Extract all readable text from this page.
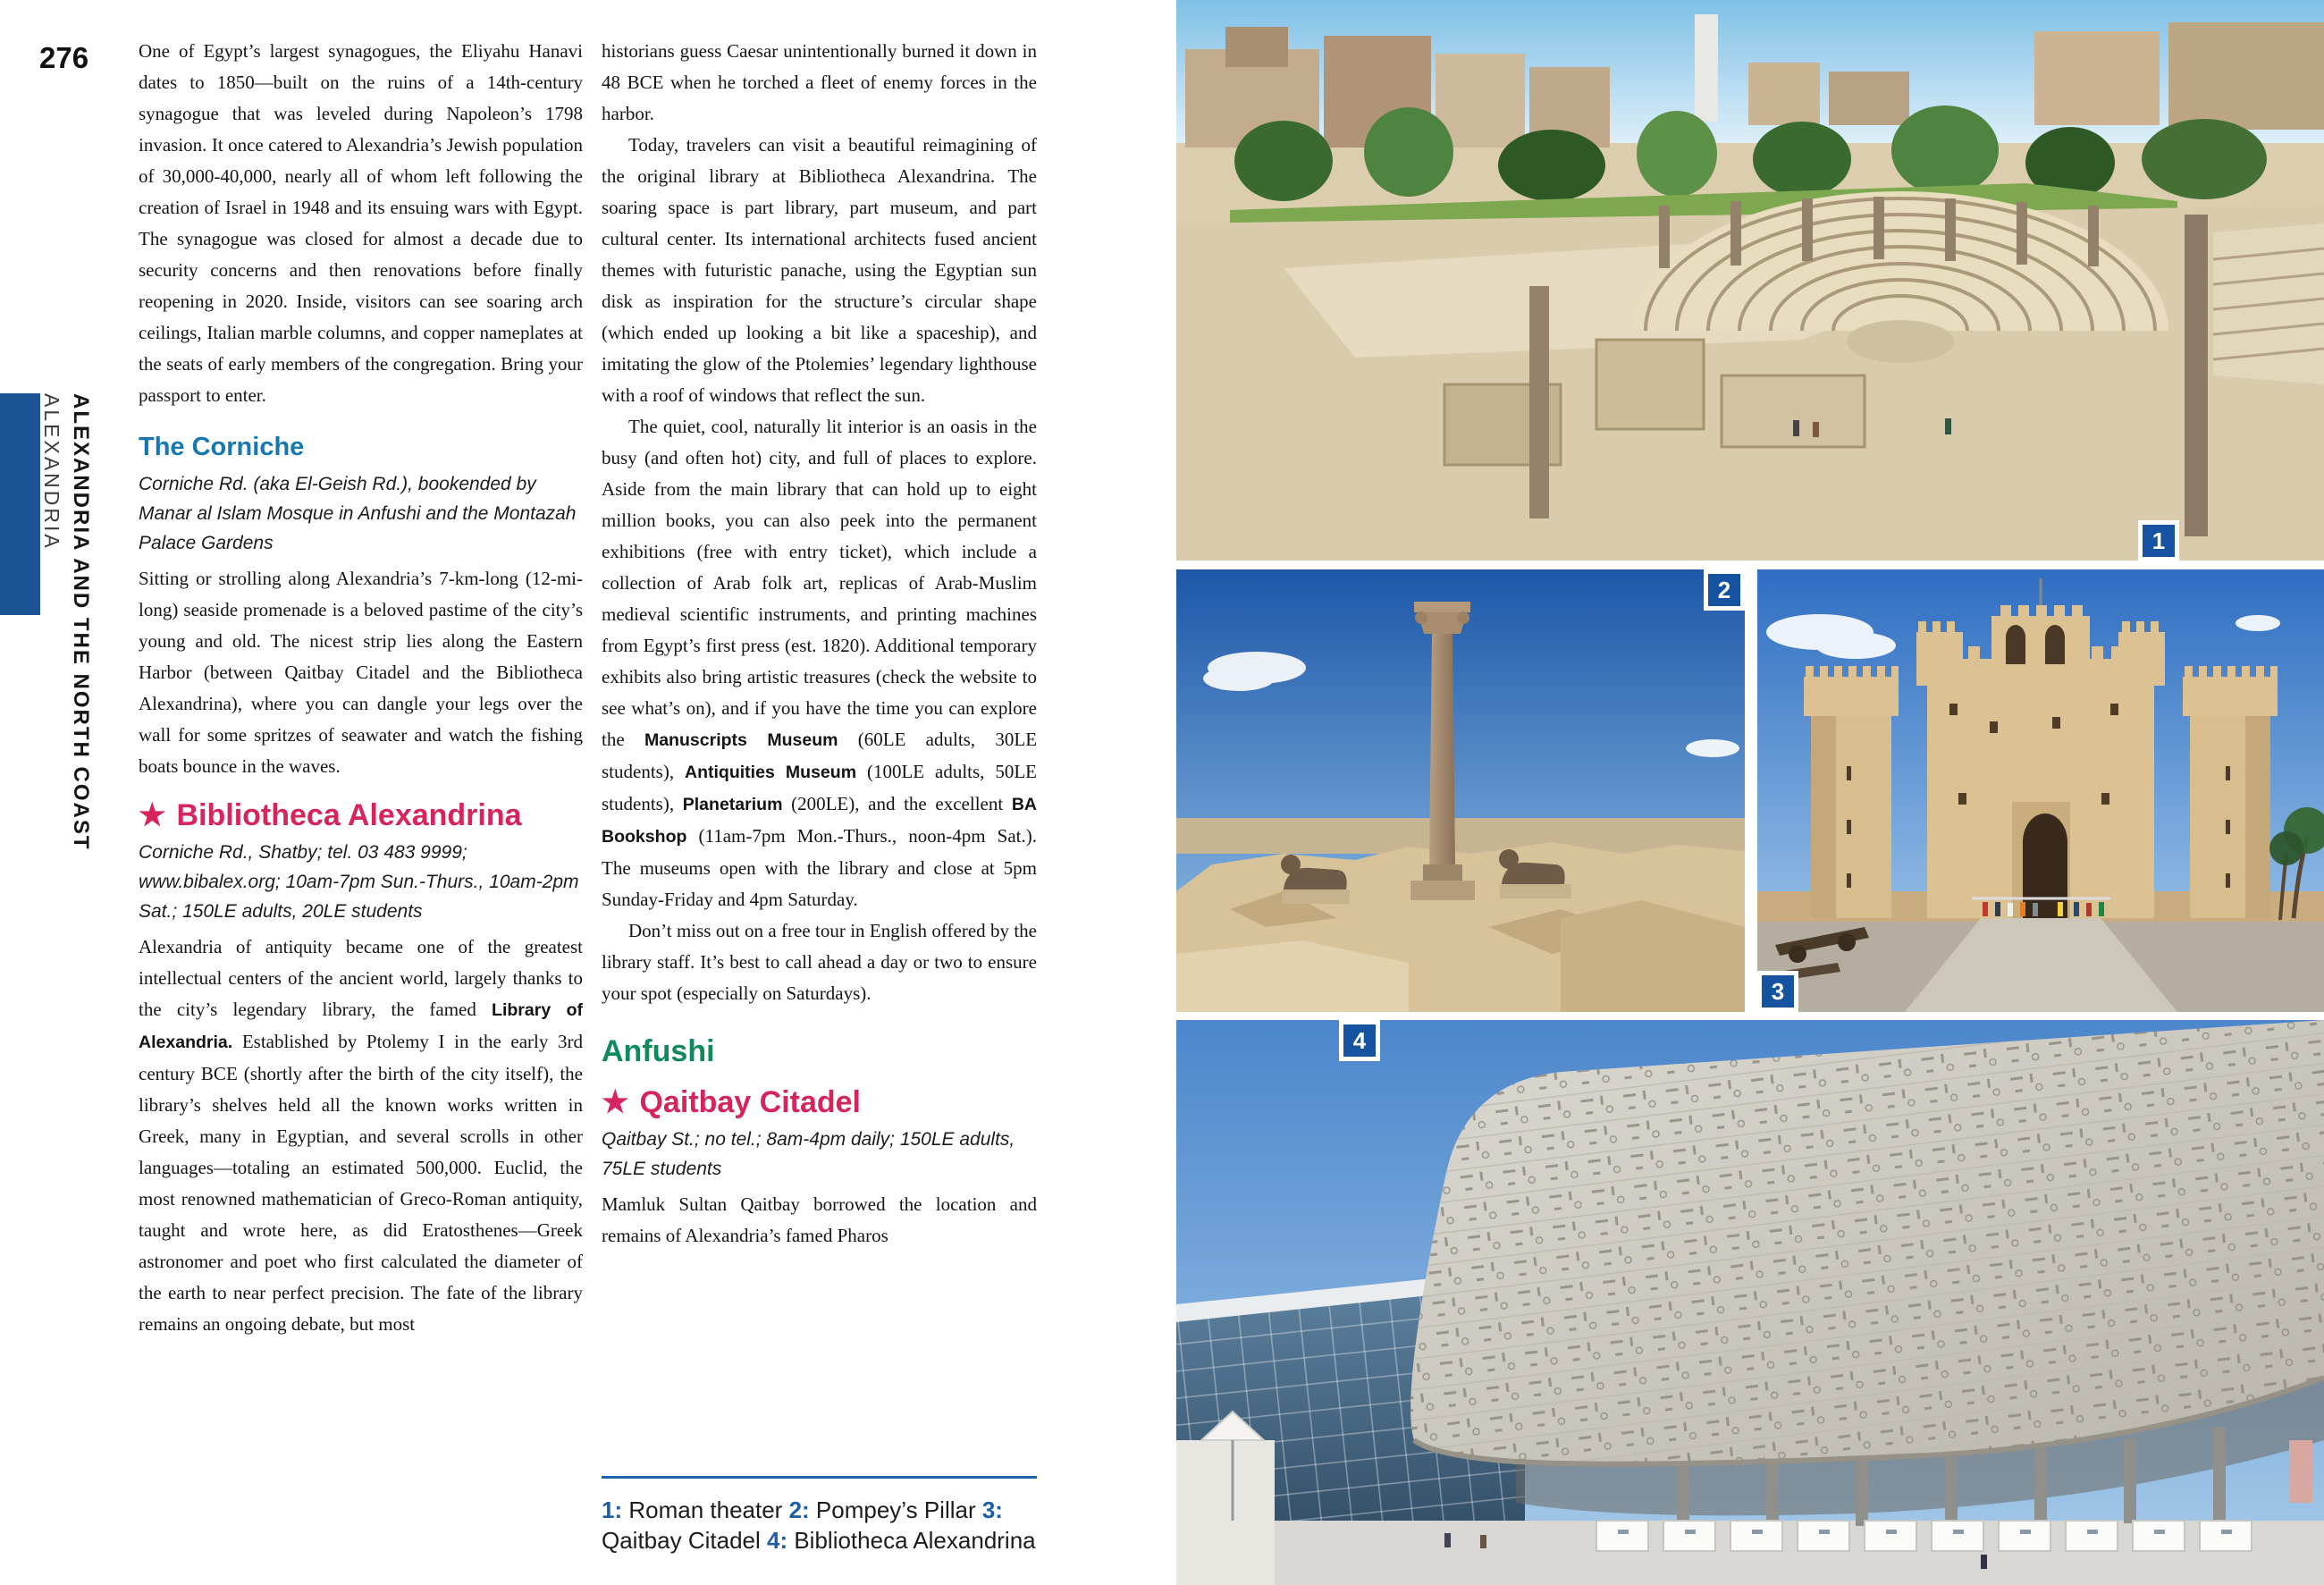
276
ALEXANDRIA ALEXANDRIA AND THE NORTH COAST

One of Egypt’s largest synagogues, the Eliyahu Hanavi dates to 1850—built on the ruins of a 14th-century synagogue that was leveled during Napoleon’s 1798 invasion. It once catered to Alexandria’s Jewish population of 30,000-40,000, nearly all of whom left following the creation of Israel in 1948 and its ensuing wars with Egypt. The synagogue was closed for almost a decade due to security concerns and then renovations before finally reopening in 2020. Inside, visitors can see soaring arch ceilings, Italian marble columns, and copper nameplates at the seats of early members of the congregation. Bring your passport to enter.

The Corniche

Corniche Rd. (aka El-Geish Rd.), bookended by Manar al Islam Mosque in Anfushi and the Montazah Palace Gardens

Sitting or strolling along Alexandria’s 7-km-long (12-mi-long) seaside promenade is a beloved pastime of the city’s young and old. The nicest strip lies along the Eastern Harbor (between Qaitbay Citadel and the Bibliotheca Alexandrina), where you can dangle your legs over the wall for some spritzes of seawater and watch the fishing boats bounce in the waves.

★ Bibliotheca Alexandrina

Corniche Rd., Shatby; tel. 03 483 9999; www.bibalex.org; 10am-7pm Sun.-Thurs., 10am-2pm Sat.; 150LE adults, 20LE students

Alexandria of antiquity became one of the greatest intellectual centers of the ancient world, largely thanks to the city’s legendary library, the famed Library of Alexandria. Established by Ptolemy I in the early 3rd century BCE (shortly after the birth of the city itself), the library’s shelves held all the known works written in Greek, many in Egyptian, and several scrolls in other languages—totaling an estimated 500,000. Euclid, the most renowned mathematician of Greco-Roman antiquity, taught and wrote here, as did Eratosthenes—Greek astronomer and poet who first calculated the diameter of the earth to near perfect precision. The fate of the library remains an ongoing debate, but most

historians guess Caesar unintentionally burned it down in 48 BCE when he torched a fleet of enemy forces in the harbor.

Today, travelers can visit a beautiful reimagining of the original library at Bibliotheca Alexandrina. The soaring space is part library, part museum, and part cultural center. Its international architects fused ancient themes with futuristic panache, using the Egyptian sun disk as inspiration for the structure’s circular shape (which ended up looking a bit like a spaceship), and imitating the glow of the Ptolemies’ legendary lighthouse with a roof of windows that reflect the sun.

The quiet, cool, naturally lit interior is an oasis in the busy (and often hot) city, and full of places to explore. Aside from the main library that can hold up to eight million books, you can also peek into the permanent exhibitions (free with entry ticket), which include a collection of Arab folk art, replicas of Arab-Muslim medieval scientific instruments, and printing machines from Egypt’s first press (est. 1820). Additional temporary exhibits also bring artistic treasures (check the website to see what’s on), and if you have the time you can explore the Manuscripts Museum (60LE adults, 30LE students), Antiquities Museum (100LE adults, 50LE students), Planetarium (200LE), and the excellent BA Bookshop (11am-7pm Mon.-Thurs., noon-4pm Sat.). The museums open with the library and close at 5pm Sunday-Friday and 4pm Saturday.

Don’t miss out on a free tour in English offered by the library staff. It’s best to call ahead a day or two to ensure your spot (especially on Saturdays).

Anfushi
★ Qaitbay Citadel

Qaitbay St.; no tel.; 8am-4pm daily; 150LE adults, 75LE students

Mamluk Sultan Qaitbay borrowed the location and remains of Alexandria’s famed Pharos

1: Roman theater 2: Pompey’s Pillar 3: Qaitbay Citadel 4: Bibliotheca Alexandrina
1
2
3
4
